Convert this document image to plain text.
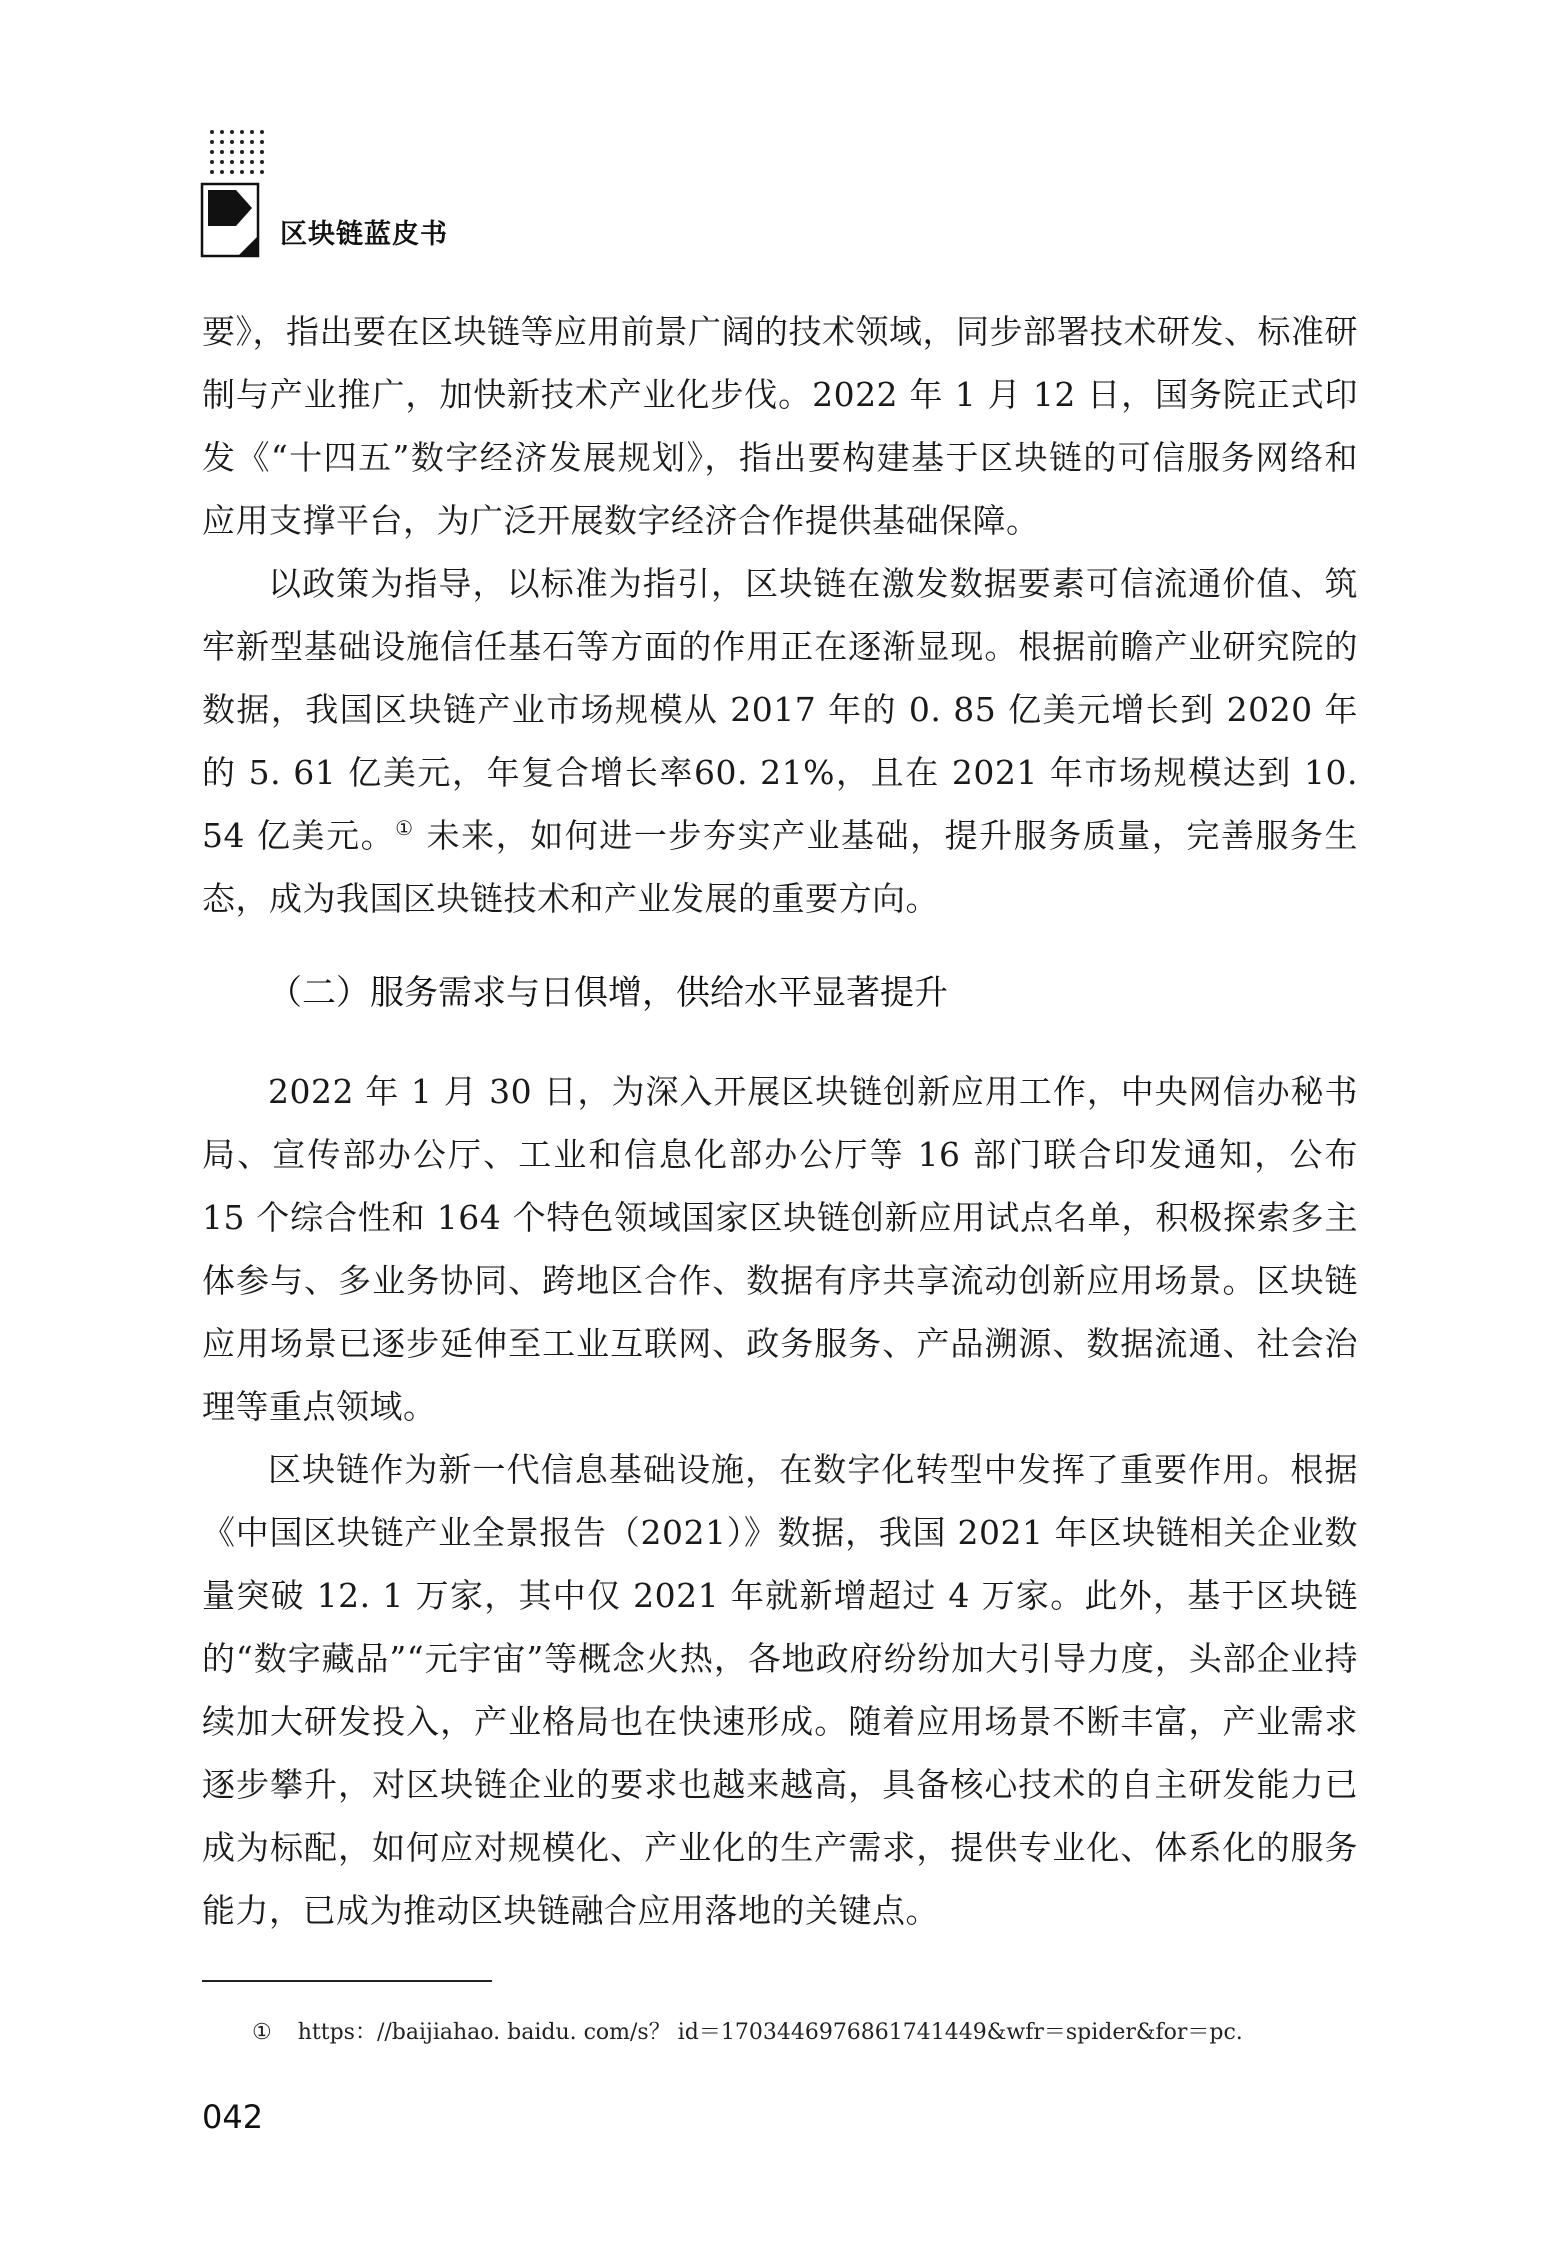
区块链蓝皮书

要》，指出要在区块链等应用前景广阔的技术领域，同步部署技术研发、标准研制与产业推广，加快新技术产业化步伐。2022 年 1 月 12 日，国务院正式印发《“十四五”数字经济发展规划》，指出要构建基于区块链的可信服务网络和应用支撑平台，为广泛开展数字经济合作提供基础保障。

以政策为指导，以标准为指引，区块链在激发数据要素可信流通价值、筑牢新型基础设施信任基石等方面的作用正在逐渐显现。根据前瞻产业研究院的数据，我国区块链产业市场规模从 2017 年的 0. 85 亿美元增长到 2020 年的 5. 61 亿美元，年复合增长率60. 21%，且在 2021 年市场规模达到 10. 54 亿美元。① 未来，如何进一步夯实产业基础，提升服务质量，完善服务生态，成为我国区块链技术和产业发展的重要方向。

（二）服务需求与日俱增，供给水平显著提升

2022 年 1 月 30 日，为深入开展区块链创新应用工作，中央网信办秘书局、宣传部办公厅、工业和信息化部办公厅等 16 部门联合印发通知，公布 15 个综合性和 164 个特色领域国家区块链创新应用试点名单，积极探索多主体参与、多业务协同、跨地区合作、数据有序共享流动创新应用场景。区块链应用场景已逐步延伸至工业互联网、政务服务、产品溯源、数据流通、社会治理等重点领域。

区块链作为新一代信息基础设施，在数字化转型中发挥了重要作用。根据《中国区块链产业全景报告（2021）》数据，我国 2021 年区块链相关企业数量突破 12. 1 万家，其中仅 2021 年就新增超过 4 万家。此外，基于区块链的“数字藏品”“元宇宙”等概念火热，各地政府纷纷加大引导力度，头部企业持续加大研发投入，产业格局也在快速形成。随着应用场景不断丰富，产业需求逐步攀升，对区块链企业的要求也越来越高，具备核心技术的自主研发能力已成为标配，如何应对规模化、产业化的生产需求，提供专业化、体系化的服务能力，已成为推动区块链融合应用落地的关键点。

① https：//baijiahao. baidu. com/s？ id＝1703446976861741449&wfr＝spider&for＝pc.
042
